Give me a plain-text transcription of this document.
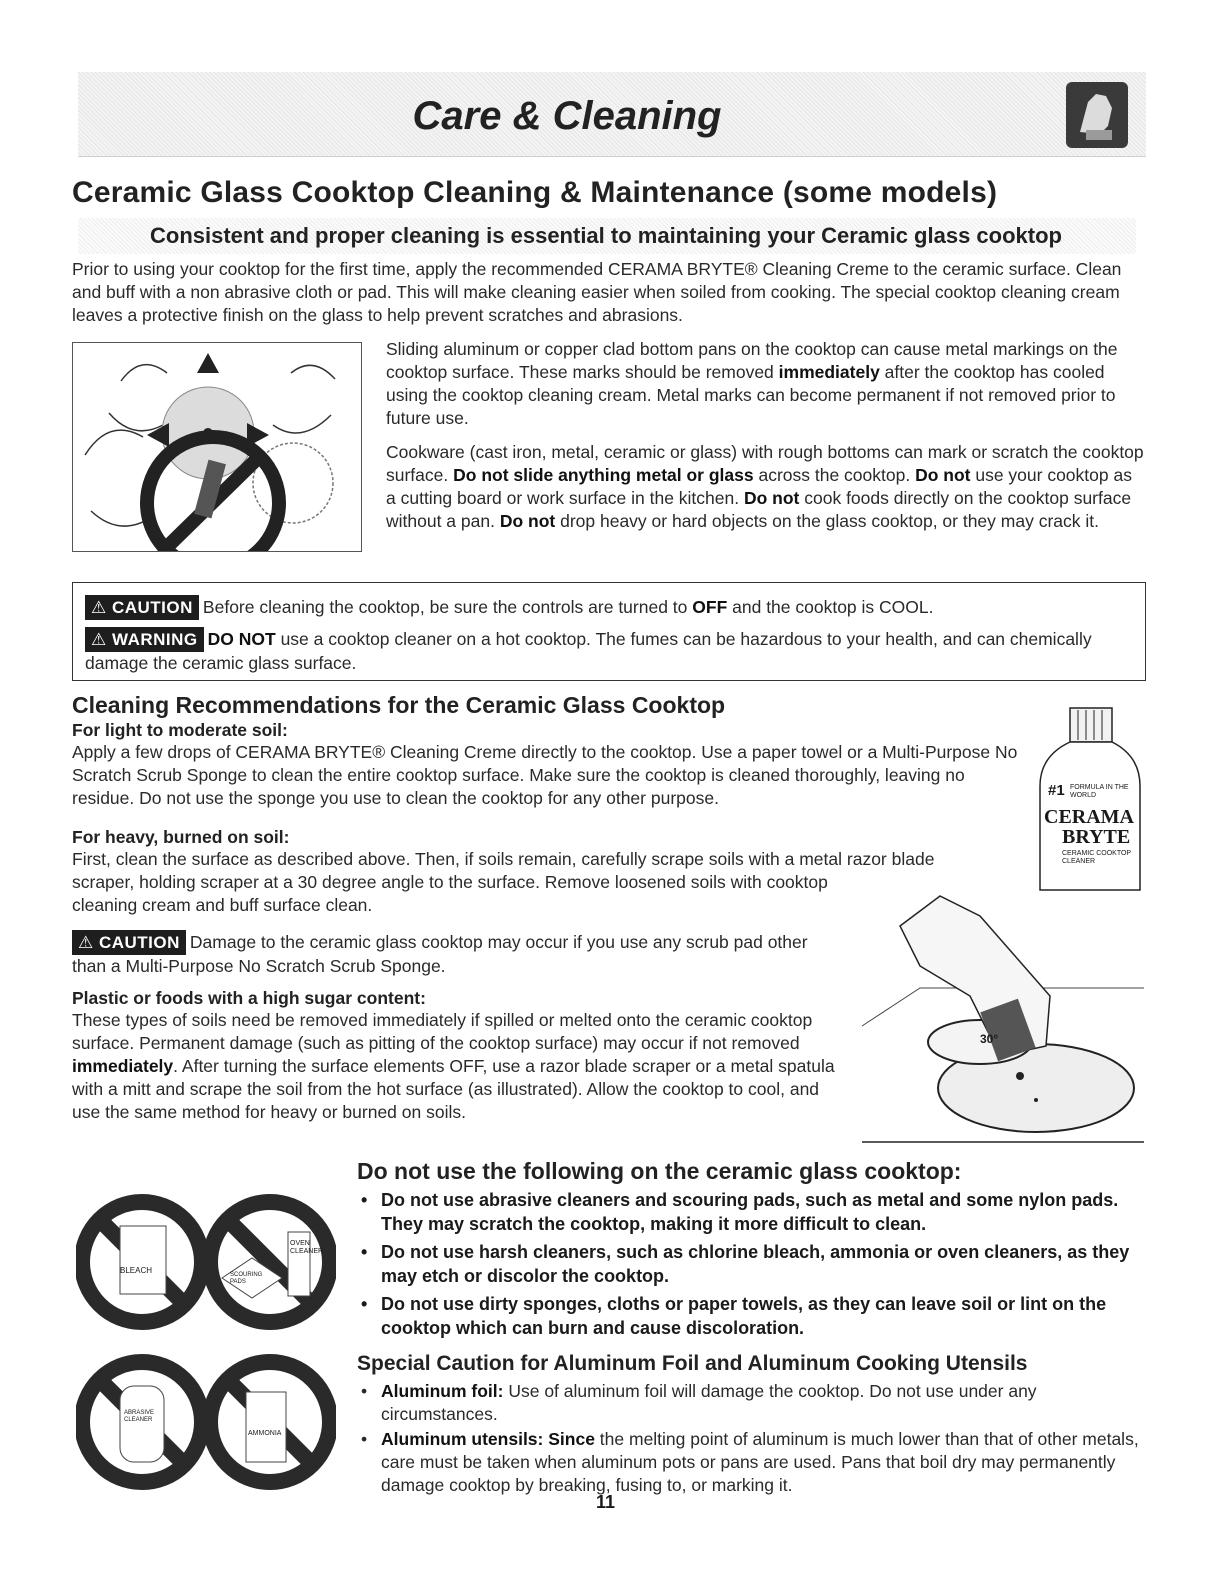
Care & Cleaning
Ceramic Glass Cooktop Cleaning & Maintenance (some models)
Consistent and proper cleaning is essential to maintaining your Ceramic glass cooktop
Prior to using your cooktop for the first time, apply the recommended CERAMA BRYTE® Cleaning Creme to the ceramic surface. Clean and buff with a non abrasive cloth or pad. This will make cleaning easier when soiled from cooking. The special cooktop cleaning cream leaves a protective finish on the glass to help prevent scratches and abrasions.
Sliding aluminum or copper clad bottom pans on the cooktop can cause metal markings on the cooktop surface. These marks should be removed immediately after the cooktop has cooled using the cooktop cleaning cream. Metal marks can become permanent if not removed prior to future use.
Cookware (cast iron, metal, ceramic or glass) with rough bottoms can mark or scratch the cooktop surface. Do not slide anything metal or glass across the cooktop. Do not use your cooktop as a cutting board or work surface in the kitchen. Do not cook foods directly on the cooktop surface without a pan. Do not drop heavy or hard objects on the glass cooktop, or they may crack it.
⚠ CAUTION Before cleaning the cooktop, be sure the controls are turned to OFF and the cooktop is COOL.
⚠ WARNING DO NOT use a cooktop cleaner on a hot cooktop. The fumes can be hazardous to your health, and can chemically damage the ceramic glass surface.
Cleaning Recommendations for the Ceramic Glass Cooktop
For light to moderate soil:
Apply a few drops of CERAMA BRYTE® Cleaning Creme directly to the cooktop. Use a paper towel or a Multi-Purpose No Scratch Scrub Sponge to clean the entire cooktop surface. Make sure the cooktop is cleaned thoroughly, leaving no residue. Do not use the sponge you use to clean the cooktop for any other purpose.
For heavy, burned on soil:
First, clean the surface as described above. Then, if soils remain, carefully scrape soils with a metal razor blade
scraper, holding scraper at a 30 degree angle to the surface. Remove loosened soils with cooktop cleaning cream and buff surface clean.
⚠ CAUTION Damage to the ceramic glass cooktop may occur if you use any scrub pad other than a Multi-Purpose No Scratch Scrub Sponge.
Plastic or foods with a high sugar content:
These types of soils need be removed immediately if spilled or melted onto the ceramic cooktop surface. Permanent damage (such as pitting of the cooktop surface) may occur if not removed immediately. After turning the surface elements OFF, use a razor blade scraper or a metal spatula with a mitt and scrape the soil from the hot surface (as illustrated). Allow the cooktop to cool, and use the same method for heavy or burned on soils.
#1 FORMULA IN THE WORLD
CERAMA
BRYTE
CERAMIC COOKTOP CLEANER
30°
BLEACH	SCOURING PADS
OVEN CLEANER
ABRASIVE CLEANER
AMMONIA
Do not use the following on the ceramic glass cooktop:
• Do not use abrasive cleaners and scouring pads, such as metal and some nylon pads. They may scratch the cooktop, making it more difficult to clean.
• Do not use harsh cleaners, such as chlorine bleach, ammonia or oven cleaners, as they may etch or discolor the cooktop.
• Do not use dirty sponges, cloths or paper towels, as they can leave soil or lint on the cooktop which can burn and cause discoloration.
Special Caution for Aluminum Foil and Aluminum Cooking Utensils
• Aluminum foil: Use of aluminum foil will damage the cooktop. Do not use under any circumstances.
• Aluminum utensils: Since the melting point of aluminum is much lower than that of other metals, care must be taken when aluminum pots or pans are used. Pans that boil dry may permanently damage cooktop by breaking, fusing to, or marking it.
11
